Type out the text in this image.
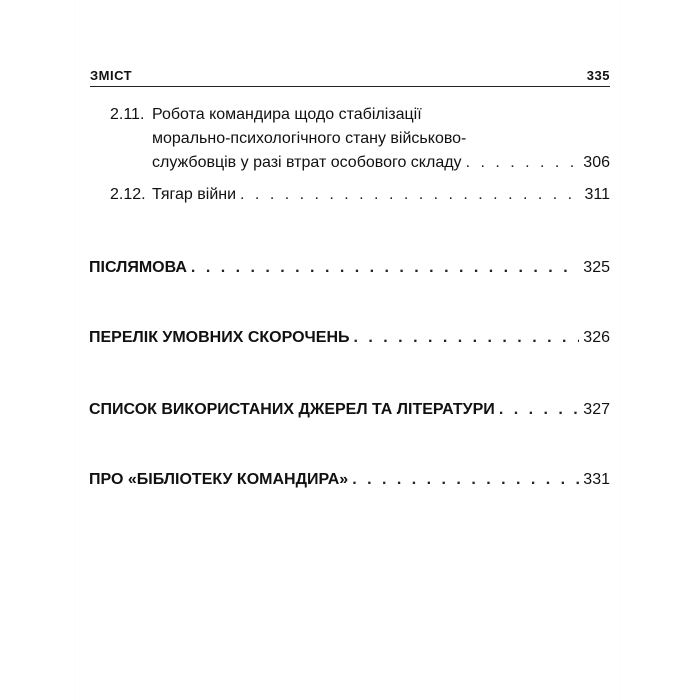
ЗМІСТ	335
2.11. Робота командира щодо стабілізації
морально-психологічного стану військово-
службовців у разі втрат особового складу . . .	306
2.12. Тягар війни . . .	311
ПІСЛЯМОВА . . .	325
ПЕРЕЛІК УМОВНИХ СКОРОЧЕНЬ . . .	326
СПИСОК ВИКОРИСТАНИХ ДЖЕРЕЛ ТА ЛІТЕРАТУРИ . . .	327
ПРО «БІБЛІОТЕКУ КОМАНДИРА» . . .	331
